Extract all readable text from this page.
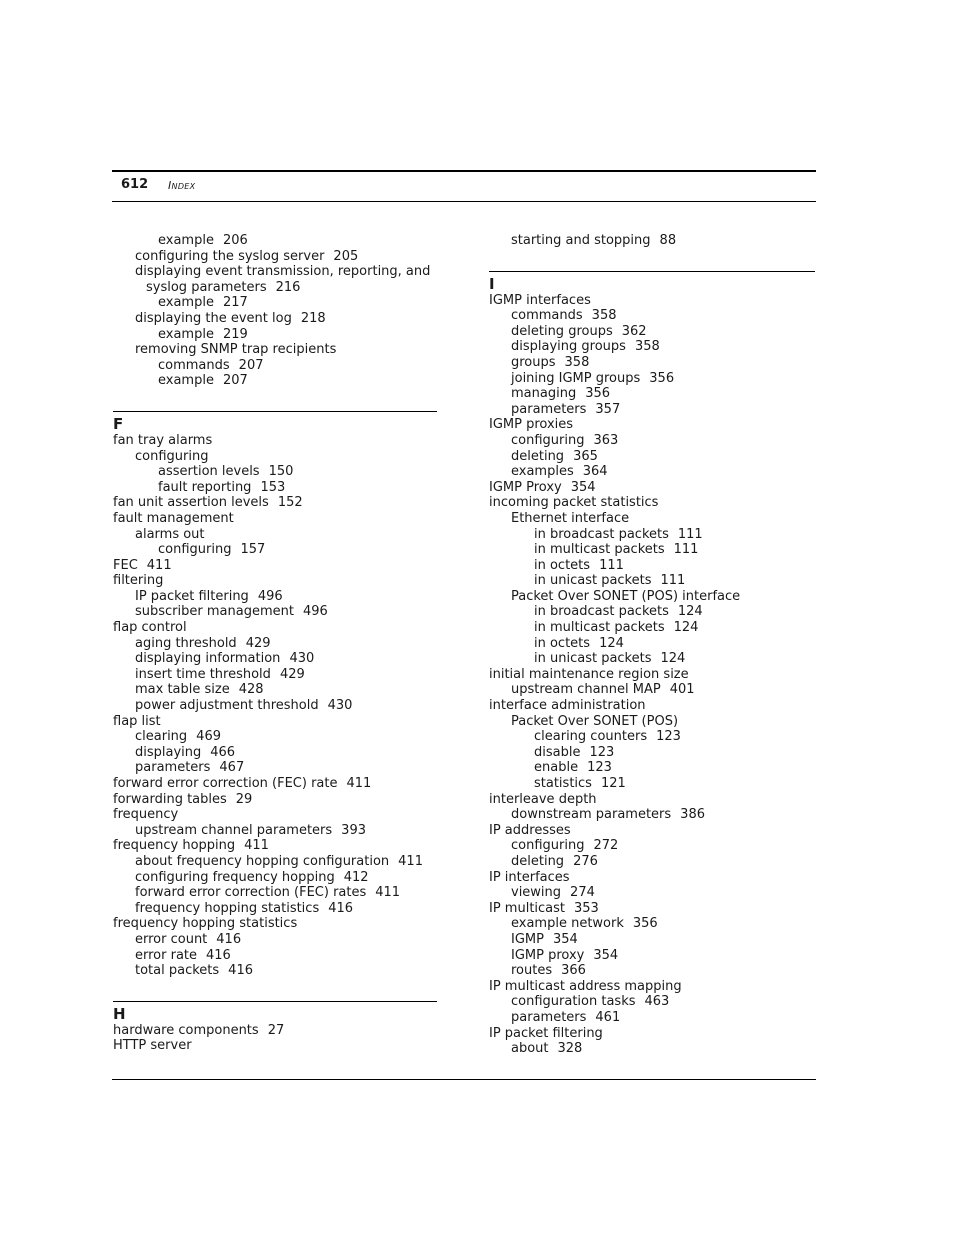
612 Index
example 206
configuring the syslog server 205
displaying event transmission, reporting, and
syslog parameters 216
example 217
displaying the event log 218
example 219
removing SNMP trap recipients
commands 207
example 207
F
fan tray alarms
configuring
assertion levels 150
fault reporting 153
fan unit assertion levels 152
fault management
alarms out
configuring 157
FEC 411
filtering
IP packet filtering 496
subscriber management 496
flap control
aging threshold 429
displaying information 430
insert time threshold 429
max table size 428
power adjustment threshold 430
flap list
clearing 469
displaying 466
parameters 467
forward error correction (FEC) rate 411
forwarding tables 29
frequency
upstream channel parameters 393
frequency hopping 411
about frequency hopping configuration 411
configuring frequency hopping 412
forward error correction (FEC) rates 411
frequency hopping statistics 416
frequency hopping statistics
error count 416
error rate 416
total packets 416
H
hardware components 27
HTTP server
starting and stopping 88
I
IGMP interfaces
commands 358
deleting groups 362
displaying groups 358
groups 358
joining IGMP groups 356
managing 356
parameters 357
IGMP proxies
configuring 363
deleting 365
examples 364
IGMP Proxy 354
incoming packet statistics
Ethernet interface
in broadcast packets 111
in multicast packets 111
in octets 111
in unicast packets 111
Packet Over SONET (POS) interface
in broadcast packets 124
in multicast packets 124
in octets 124
in unicast packets 124
initial maintenance region size
upstream channel MAP 401
interface administration
Packet Over SONET (POS)
clearing counters 123
disable 123
enable 123
statistics 121
interleave depth
downstream parameters 386
IP addresses
configuring 272
deleting 276
IP interfaces
viewing 274
IP multicast 353
example network 356
IGMP 354
IGMP proxy 354
routes 366
IP multicast address mapping
configuration tasks 463
parameters 461
IP packet filtering
about 328
